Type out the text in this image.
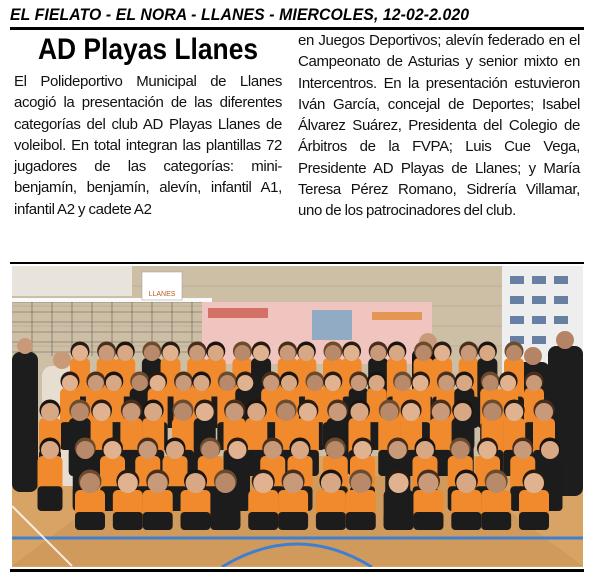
EL FIELATO - EL NORA - LLANES - MIERCOLES, 12-02-2.020
AD Playas Llanes

El Polideportivo Municipal de Llanes acogió la presentación de las diferentes categorías del club AD Playas Llanes de voleibol. En total integran las plantillas 72 jugadores de las categorías: mini-benjamín, benjamín, alevín, infantil A1, infantil A2 y cadete A2

en Juegos Deportivos; alevín federado en el Campeonato de Asturias y senior mixto en Intercentros. En la presentación estuvieron Iván García, concejal de Deportes; Isabel Álvarez Suárez, Presidenta del Colegio de Árbitros de la FVPA; Luis Cue Vega, Presidente AD Playas de Llanes; y María Teresa Pérez Romano, Sidrería Villamar, uno de los patrocinadores del club.

LLANES
